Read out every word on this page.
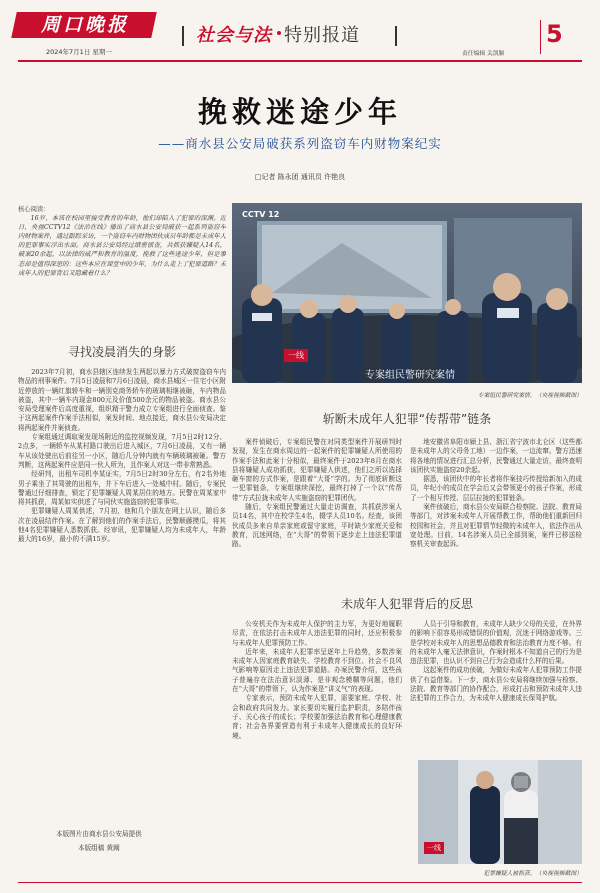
周口晚报
2024年7月1日 星期一
社会与法 特别报道
责任编辑 关凯颖
5
挽救迷途少年
——商水县公安局破获系列盗窃车内财物案纪实
□记者 陈永团 通讯员 许艳良
核心阅读：

16岁，本该在校园里接受教育的年龄，他们却陷入了犯罪的深渊。近日，央视CCTV12《法治在线》播出了商水县公安局破获一起系列盗窃车内财物案件，通过跟踪采访，一个盗窃车内财物团伙成员年龄都是未成年人的犯罪事实浮出水面。商水县公安局经过缜密侦查，共抓获嫌疑人14名，破案20余起，以法律的威严和教育的温度，挽救了这些迷途少年，但是事态却是值得深思的：这些本应在课堂中的少年，为什么走上了犯罪道路？未成年人的犯罪背后又隐藏着什么？

寻找凌晨消失的身影

2023年7月初，商水县辖区连续发生两起以暴力方式破窗盗窃车内物品的刑事案件。7月5日凌晨和7月6日凌晨，商水县城区一住宅小区附近停放的一辆红旗轿车和一辆别克商务轿车的玻璃相继被砸，车内物品被盗，其中一辆车内现金800元及价值500余元的物品被盗。商水县公安局受理案件后高度重视，组织精干警力成立专案组进行全面侦查。鉴于这两起案件作案手法相似，案发时间、地点接近，商水县公安局决定将两起案件并案侦查。

专案组通过调取案发现场附近的监控视频发现，7月5日2时12分、2点多，一辆轿车从某村路口驶出后进入城区，7月6日凌晨，又有一辆车从该处驶出后前往另一小区，随后几分钟内就有车辆玻璃被砸。警方判断，这两起案件应是同一伙人所为，且作案人对这一带非常熟悉。

经研判，出租车司机李某证实，7月5日2时30分左右，有2名外地男子乘坐了其驾驶的出租车，并下车后进入一处城中村。随后，专案民警通过仔细排查，锁定了犯罪嫌疑人周某居住的地方。民警在周某家中将其抓获，周某如实供述了与同伙实施盗窃的犯罪事实。

犯罪嫌疑人周某供述，7月初，他和几个朋友在网上认识，随后多次在凌晨结伴作案。在了解到他们的作案手法后，民警顺藤摸瓜，将其他4名犯罪嫌疑人悉数抓获。经审讯，犯罪嫌疑人均为未成年人，年龄最大的16岁，最小的不满15岁。

本版图片由商水县公安局提供
本版组稿 黄阚
CCTV 12
一线
专案组民警研究案情
专案组民警研究案情。（央视视频截图）
斩断未成年人犯罪“传帮带”链条

案件侦破后，专案组民警在对同类型案件开展研判时发现，发生在商水周边的一起案件的犯罪嫌疑人所使用的作案手法和此案十分相似，最终案件于2023年8月在商水县将嫌疑人成功抓获，犯罪嫌疑人供述，他们之所以选择砸车窗的方式作案，是跟着“大哥”学的。为了彻底斩断这一犯罪链条，专案组继续深挖，最终打掉了一个以“传帮带”方式拉拢未成年人实施盗窃的犯罪团伙。

随后，专案组民警通过大量走访调查，共抓获涉案人员14名，其中在校学生4名，辍学人员10名。经查，该团伙成员多来自单亲家庭或留守家庭，平时缺少家庭关爱和教育，沉迷网络，在“大哥”的带领下逐步走上违法犯罪道路。

地安徽省阜阳市颍上县、浙江省宁波市北仑区（这些都是未成年人的父母务工地）一边作案，一边流窜。警方迅速将各地的情况进行汇总分析，民警通过大量走访，最终查明该团伙实施盗窃20余起。

据悉，该团伙中的年长者将作案技巧传授给新加入的成员，年纪小的成员在学会后又会带领更小的孩子作案，形成了一个相互传授、层层拉拢的犯罪链条。

案件侦破后，商水县公安局联合检察院、法院、教育局等部门，对涉案未成年人开展帮教工作，帮助他们重新回归校园和社会，并且对犯罪情节轻微的未成年人，依法作出从宽处理。目前，14名涉案人员已全部到案，案件已移送检察机关审查起诉。

未成年人犯罪背后的反思

公安机关作为未成年人保护的主力军，为更好地履职尽责，在依法打击未成年人违法犯罪的同时，还应积极参与未成年人犯罪预防工作。

近年来，未成年人犯罪率呈逐年上升趋势，多数涉案未成年人因家庭教育缺失、学校教育不到位、社会不良风气影响等原因走上违法犯罪道路。办案民警介绍，这些孩子普遍存在法治意识淡薄、是非观念模糊等问题，他们在“大哥”的带领下，认为作案是“讲义气”的表现。

专家表示，预防未成年人犯罪，需要家庭、学校、社会和政府共同发力。家长要切实履行监护职责，多陪伴孩子、关心孩子的成长；学校要加强法治教育和心理健康教育；社会各界要营造有利于未成年人健康成长的良好环境。

人员于引导和教育，未成年人缺少父母的关爱，在外界的影响下很容易形成错误的价值观，沉迷于网络游戏等。三是学校对未成年人的思想品德教育和法治教育力度不够。有的未成年人毫无法律意识，作案时根本不知道自己的行为是违法犯罪，也认识不到自己行为会造成什么样的后果。

这起案件的成功侦破，为做好未成年人犯罪预防工作提供了有益借鉴。下一步，商水县公安局将继续加强与检察、法院、教育等部门的协作配合，形成打击和预防未成年人违法犯罪的工作合力，为未成年人健康成长保驾护航。

一线
犯罪嫌疑人被抓获。（央视视频截图）
